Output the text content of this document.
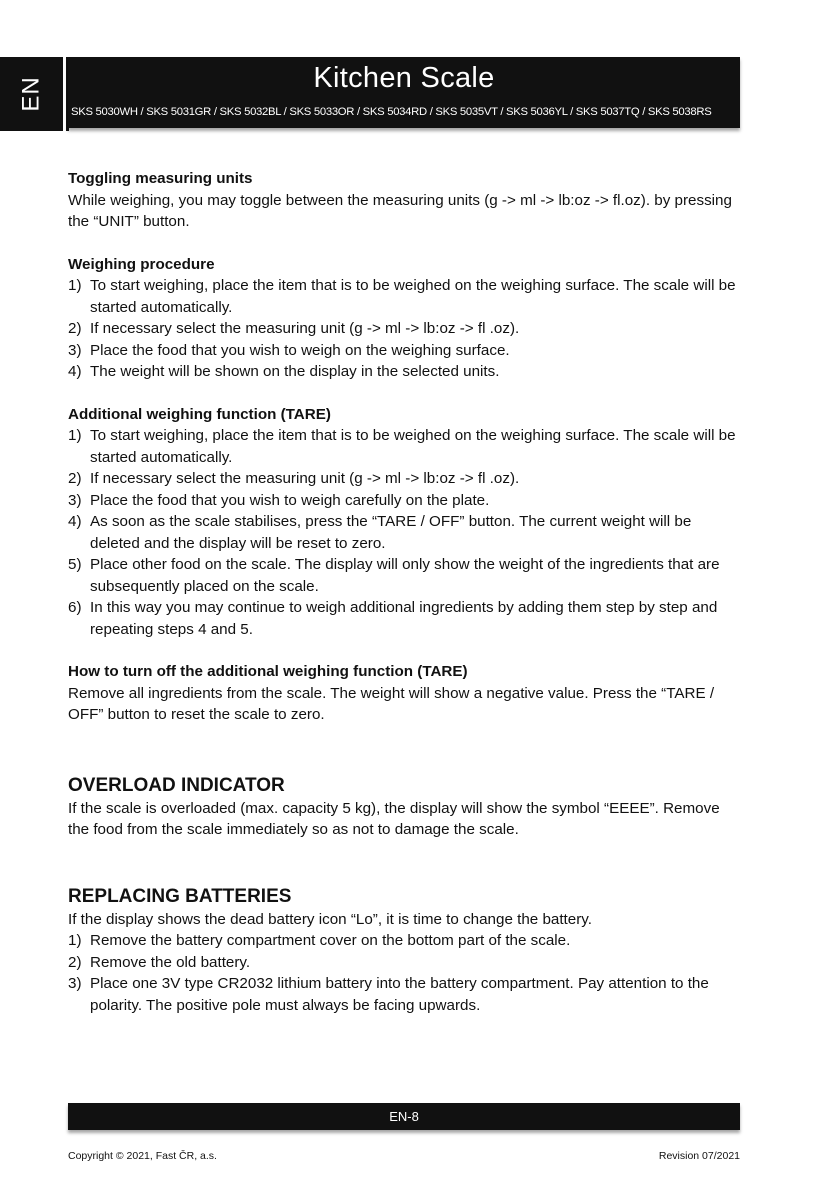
EN	Kitchen Scale
SKS 5030WH / SKS 5031GR / SKS 5032BL / SKS 5033OR / SKS 5034RD / SKS 5035VT / SKS 5036YL / SKS 5037TQ / SKS 5038RS

Toggling measuring units

While weighing, you may toggle between the measuring units (g -> ml -> lb:oz -> fl.oz). by pressing the “UNIT” button.

Weighing procedure

1) To start weighing, place the item that is to be weighed on the weighing surface. The scale will be started automatically.
2) If necessary select the measuring unit (g -> ml -> lb:oz -> fl .oz).
3) Place the food that you wish to weigh on the weighing surface.
4) The weight will be shown on the display in the selected units.

Additional weighing function (TARE)

1) To start weighing, place the item that is to be weighed on the weighing surface. The scale will be started automatically.
2) If necessary select the measuring unit (g -> ml -> lb:oz -> fl .oz).
3) Place the food that you wish to weigh carefully on the plate.
4) As soon as the scale stabilises, press the “TARE / OFF” button. The current weight will be deleted and the display will be reset to zero.
5) Place other food on the scale. The display will only show the weight of the ingredients that are subsequently placed on the scale.
6) In this way you may continue to weigh additional ingredients by adding them step by step and repeating steps 4 and 5.

How to turn off the additional weighing function (TARE)

Remove all ingredients from the scale. The weight will show a negative value. Press the “TARE / OFF” button to reset the scale to zero.

OVERLOAD INDICATOR

If the scale is overloaded (max. capacity 5 kg), the display will show the symbol “EEEE”. Remove the food from the scale immediately so as not to damage the scale.

REPLACING BATTERIES

If the display shows the dead battery icon “Lo”, it is time to change the battery.

1) Remove the battery compartment cover on the bottom part of the scale.
2) Remove the old battery.
3) Place one 3V type CR2032 lithium battery into the battery compartment. Pay attention to the polarity. The positive pole must always be facing upwards.
EN-8
Copyright © 2021, Fast ČR, a.s.	Revision 07/2021
